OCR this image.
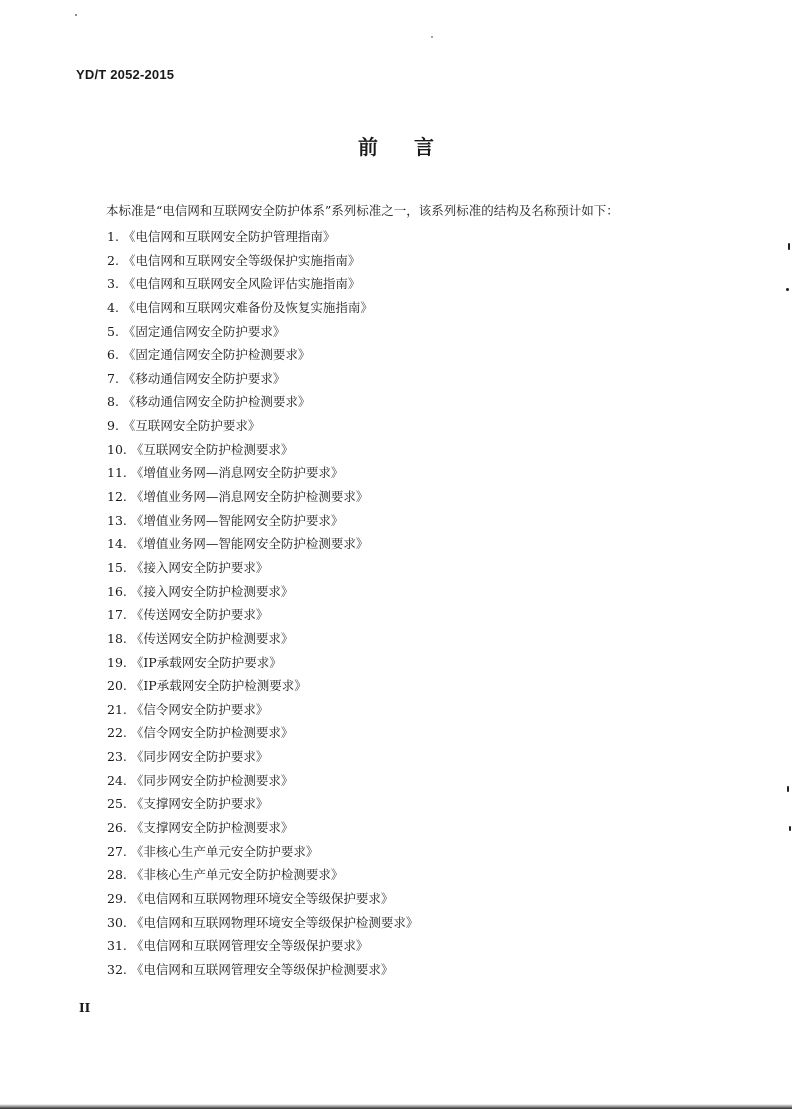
YD/T 2052-2015
前言
本标准是“电信网和互联网安全防护体系”系列标准之一，该系列标准的结构及名称预计如下：
1. 《电信网和互联网安全防护管理指南》
2. 《电信网和互联网安全等级保护实施指南》
3. 《电信网和互联网安全风险评估实施指南》
4. 《电信网和互联网灾难备份及恢复实施指南》
5. 《固定通信网安全防护要求》
6. 《固定通信网安全防护检测要求》
7. 《移动通信网安全防护要求》
8. 《移动通信网安全防护检测要求》
9. 《互联网安全防护要求》
10. 《互联网安全防护检测要求》
11. 《增值业务网—消息网安全防护要求》
12. 《增值业务网—消息网安全防护检测要求》
13. 《增值业务网—智能网安全防护要求》
14. 《增值业务网—智能网安全防护检测要求》
15. 《接入网安全防护要求》
16. 《接入网安全防护检测要求》
17. 《传送网安全防护要求》
18. 《传送网安全防护检测要求》
19. 《IP承载网安全防护要求》
20. 《IP承载网安全防护检测要求》
21. 《信令网安全防护要求》
22. 《信令网安全防护检测要求》
23. 《同步网安全防护要求》
24. 《同步网安全防护检测要求》
25. 《支撑网安全防护要求》
26. 《支撑网安全防护检测要求》
27. 《非核心生产单元安全防护要求》
28. 《非核心生产单元安全防护检测要求》
29. 《电信网和互联网物理环境安全等级保护要求》
30. 《电信网和互联网物理环境安全等级保护检测要求》
31. 《电信网和互联网管理安全等级保护要求》
32. 《电信网和互联网管理安全等级保护检测要求》
II
